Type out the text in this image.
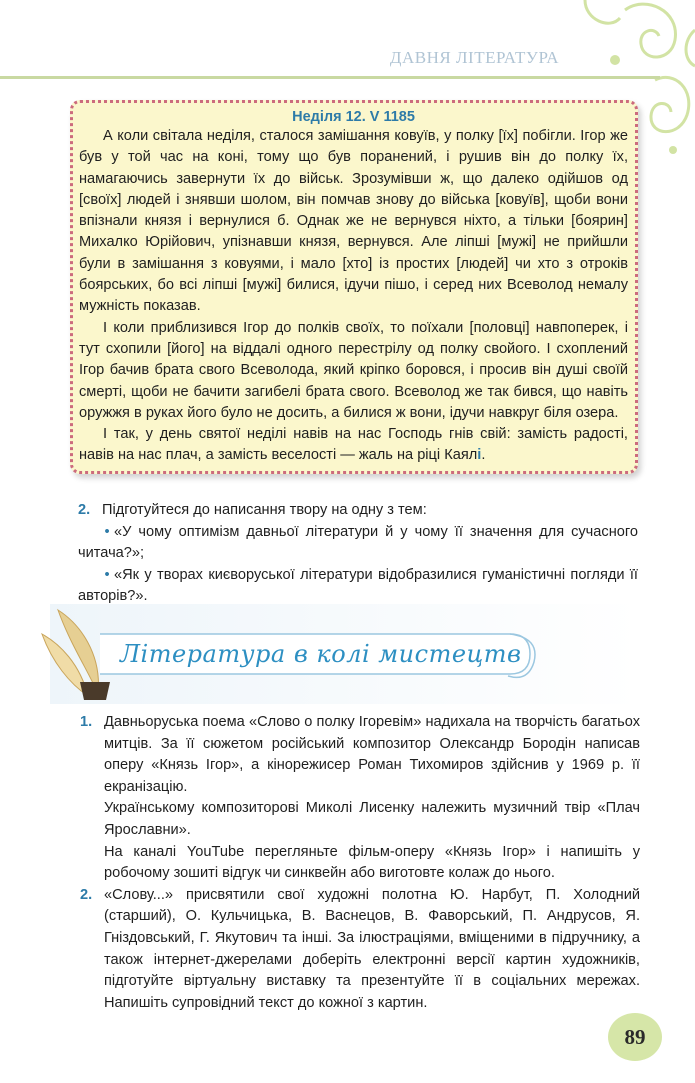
ДАВНЯ ЛІТЕРАТУРА
Неділя 12. V 1185

А коли світала неділя, сталося замішання ковуїв, у полку [їх] побігли. Ігор же був у той час на коні, тому що був поранений, і рушив він до полку їх, намагаючись завернути їх до військ. Зрозумівши ж, що далеко одійшов од [своїх] людей і знявши шолом, він помчав знову до війська [ковуїв], щоби вони впізнали князя і вернулися б. Однак же не вернувся ніхто, а тільки [боярин] Михалко Юрійович, упізнавши князя, вернувся. Але ліпші [мужі] не прийшли були в замішання з ковуями, і мало [хто] із простих [людей] чи хто з отроків боярських, бо всі ліпші [мужі] билися, ідучи пішо, і серед них Всеволод немалу мужність показав.

І коли приблизився Ігор до полків своїх, то поїхали [половці] навпоперек, і тут схопили [його] на віддалі одного перестрілу од полку свойого. І схоплений Ігор бачив брата свого Всеволода, який кріпко боровся, і просив він душі своїй смерті, щоби не бачити загибелі брата свого. Всеволод же так бився, що навіть оружжя в руках його було не досить, а билися ж вони, ідучи навкруг біля озера.

І так, у день святої неділі навів на нас Господь гнів свій: замість радості, навів на нас плач, а замість веселості — жаль на ріці Каялі.

2. Підготуйтеся до написання твору на одну з тем:
• «У чому оптимізм давньої літератури й у чому її значення для сучасного читача?»;
• «Як у творах києворуської літератури відобразилися гуманістичні погляди її авторів?».
Література в колі мистецтв
1. Давньоруська поема «Слово о полку Ігоревім» надихала на творчість багатьох митців. За її сюжетом російський композитор Олександр Бородін написав оперу «Князь Ігор», а кінорежисер Роман Тихомиров здійснив у 1969 р. її екранізацію.

Українському композиторові Миколі Лисенку належить музичний твір «Плач Ярославни».

На каналі YouTube перегляньте фільм-оперу «Князь Ігор» і напишіть у робочому зошиті відгук чи синквейн або виготовте колаж до нього.

2. «Слову...» присвятили свої художні полотна Ю. Нарбут, П. Холодний (старший), О. Кульчицька, В. Васнецов, В. Фаворський, П. Андрусов, Я. Гніздовський, Г. Якутович та інші. За ілюстраціями, вміщеними в підручнику, а також інтернет-джерелами доберіть електронні версії картин художників, підготуйте віртуальну виставку та презентуйте її в соціальних мережах. Напишіть супровідний текст до кожної з картин.

89
